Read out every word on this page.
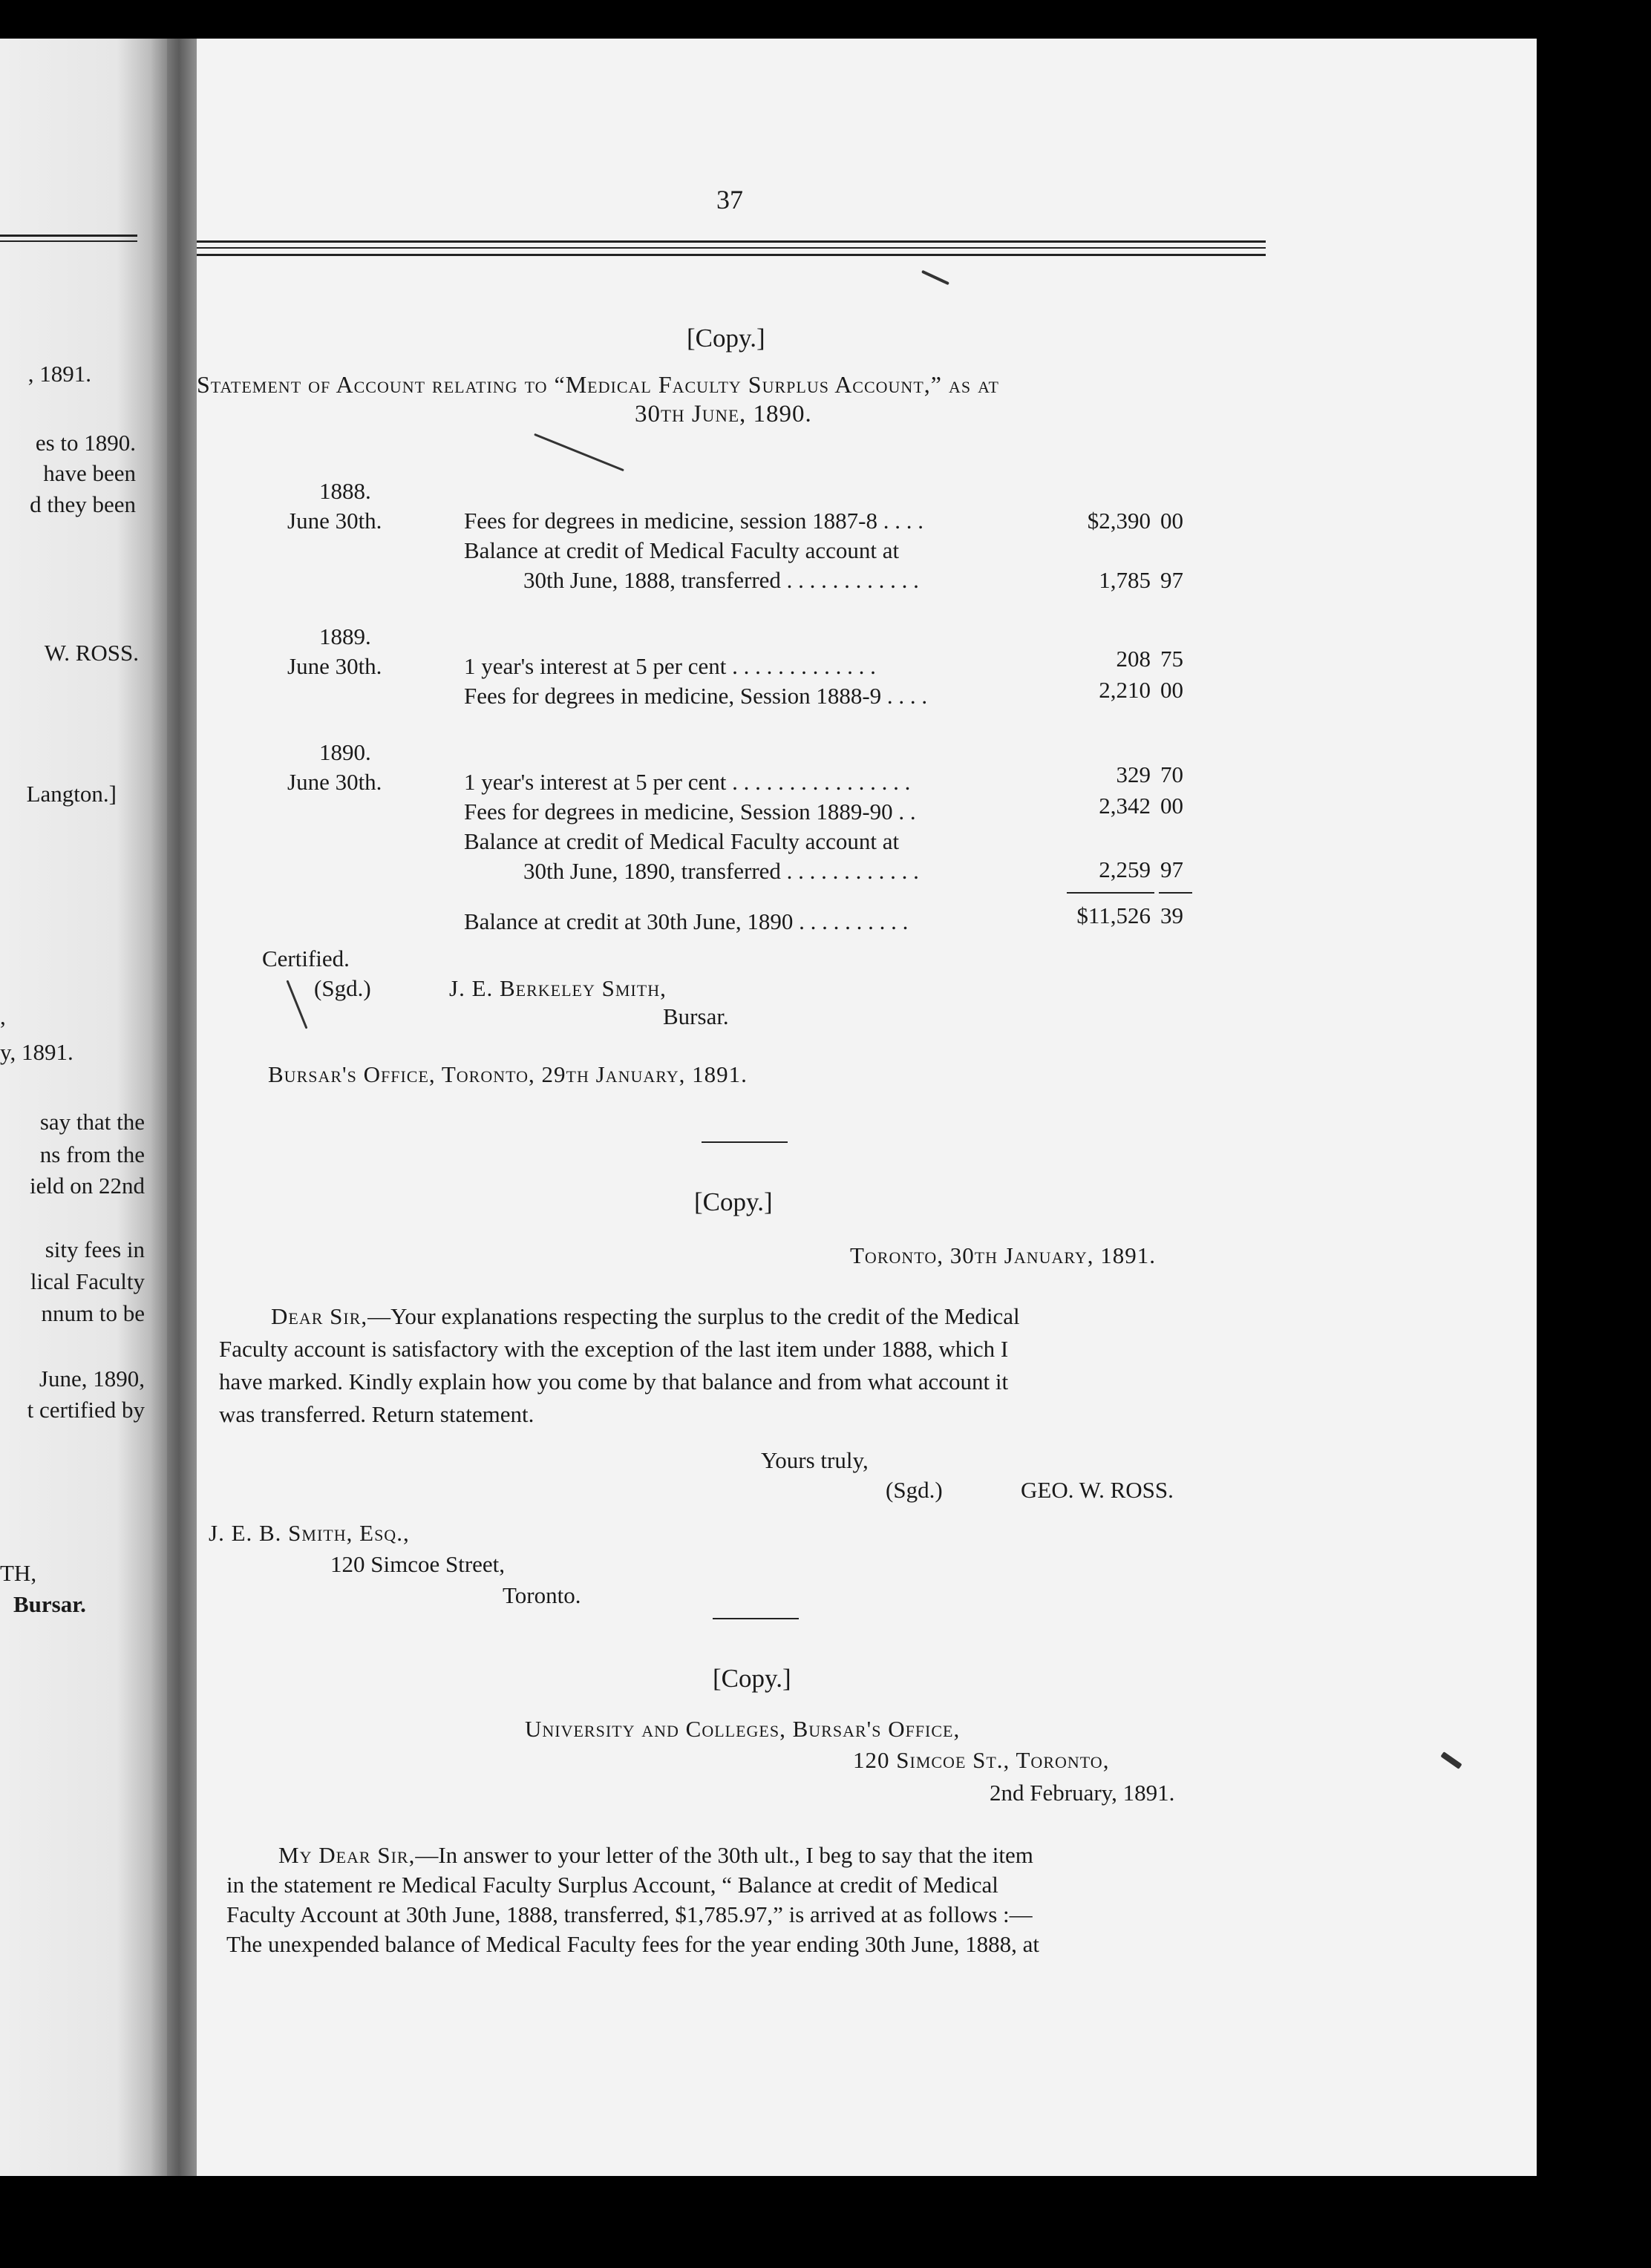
, 1891.
es to 1890.
have been
d they been
W. ROSS.
Langton.]
,
y, 1891.
say that the
ns from the
ield on 22nd
sity fees in
lical Faculty
nnum to be
June, 1890,
t certified by
TH,
Bursar.
37
[Copy.]
Statement of Account relating to “Medical Faculty Surplus Account,” as at
30th June, 1890.
1888.
June 30th.	Fees for degrees in medicine, session 1887-8 . . . .	$2,390 00
Balance at credit of Medical Faculty account at
30th June, 1888, transferred . . . . . . . . . . . .	1,785 97
1889.
June 30th.	1 year's interest at 5 per cent . . . . . . . . . . . . .	208 75
Fees for degrees in medicine, Session 1888-9 . . . .	2,210 00
1890.
June 30th.	1 year's interest at 5 per cent . . . . . . . . . . . . . . . .	329 70
Fees for degrees in medicine, Session 1889-90 . .	2,342 00
Balance at credit of Medical Faculty account at
30th June, 1890, transferred . . . . . . . . . . . .	2,259 97
Balance at credit at 30th June, 1890 . . . . . . . . . .	$11,526 39
Certified.
(Sgd.)	J. E. Berkeley Smith,
Bursar.
Bursar's Office, Toronto, 29th January, 1891.
[Copy.]
Toronto, 30th January, 1891.
Dear Sir,—Your explanations respecting the surplus to the credit of the Medical
Faculty account is satisfactory with the exception of the last item under 1888, which I
have marked. Kindly explain how you come by that balance and from what account it
was transferred. Return statement.
Yours truly,
(Sgd.)	GEO. W. ROSS.
J. E. B. Smith, Esq.,
120 Simcoe Street,
Toronto.
[Copy.]
University and Colleges, Bursar's Office,
120 Simcoe St., Toronto,
2nd February, 1891.
My Dear Sir,—In answer to your letter of the 30th ult., I beg to say that the item
in the statement re Medical Faculty Surplus Account, “ Balance at credit of Medical
Faculty Account at 30th June, 1888, transferred, $1,785.97,” is arrived at as follows :—
The unexpended balance of Medical Faculty fees for the year ending 30th June, 1888, at
